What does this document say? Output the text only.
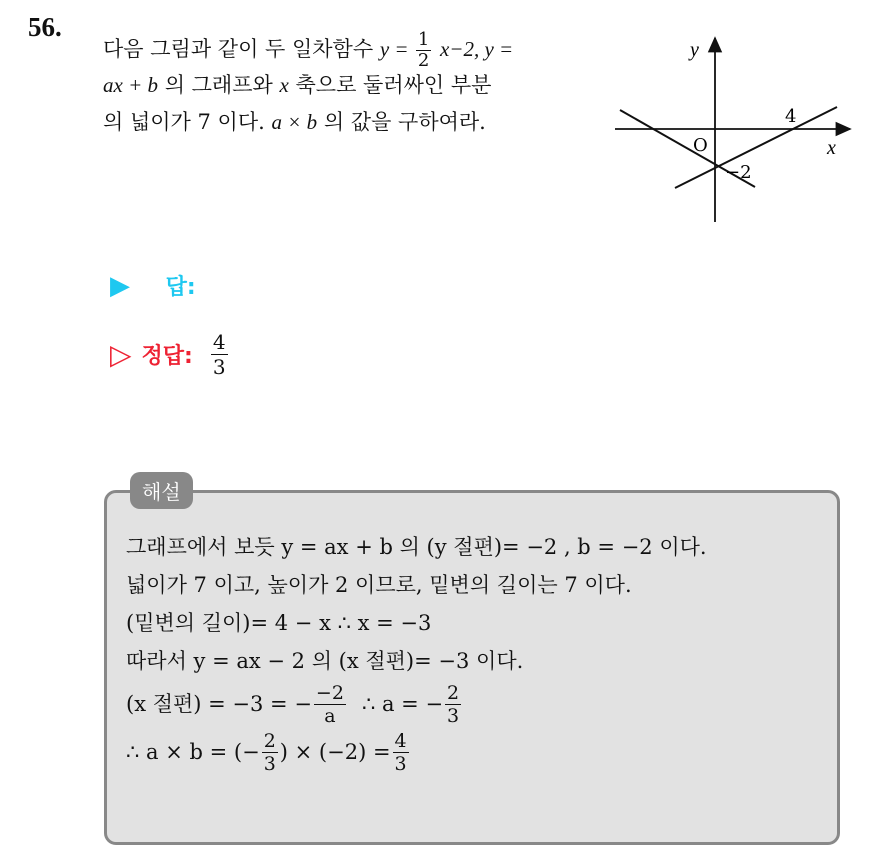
56.
다음 그림과 같이 두 일차함수 $y = \frac{1}{2} x-2$, y =
ax + b 의 그래프와 x 축으로 둘러싸인 부분
의 넓이가 7 이다. a × b 의 값을 구하여라.
y
x
O
4
−2
▶ 답:
▷ 정답: $\frac{4}{3}$
해설
그래프에서 보듯 y = ax + b 의 (y 절편)= −2 , b = −2 이다.
넓이가 7 이고, 높이가 2 이므로, 밑변의 길이는 7 이다.
(밑변의 길이)= 4 − x ∴ x = −3
따라서 y = ax − 2 의 (x 절편)= −3 이다.
(x 절편) = −3 = − $\frac{-2}{a}$ ∴ a = − $\frac{2}{3}$
∴ a × b = (− $\frac{2}{3}$ ) × $(-2) = \frac{4}{3}$
